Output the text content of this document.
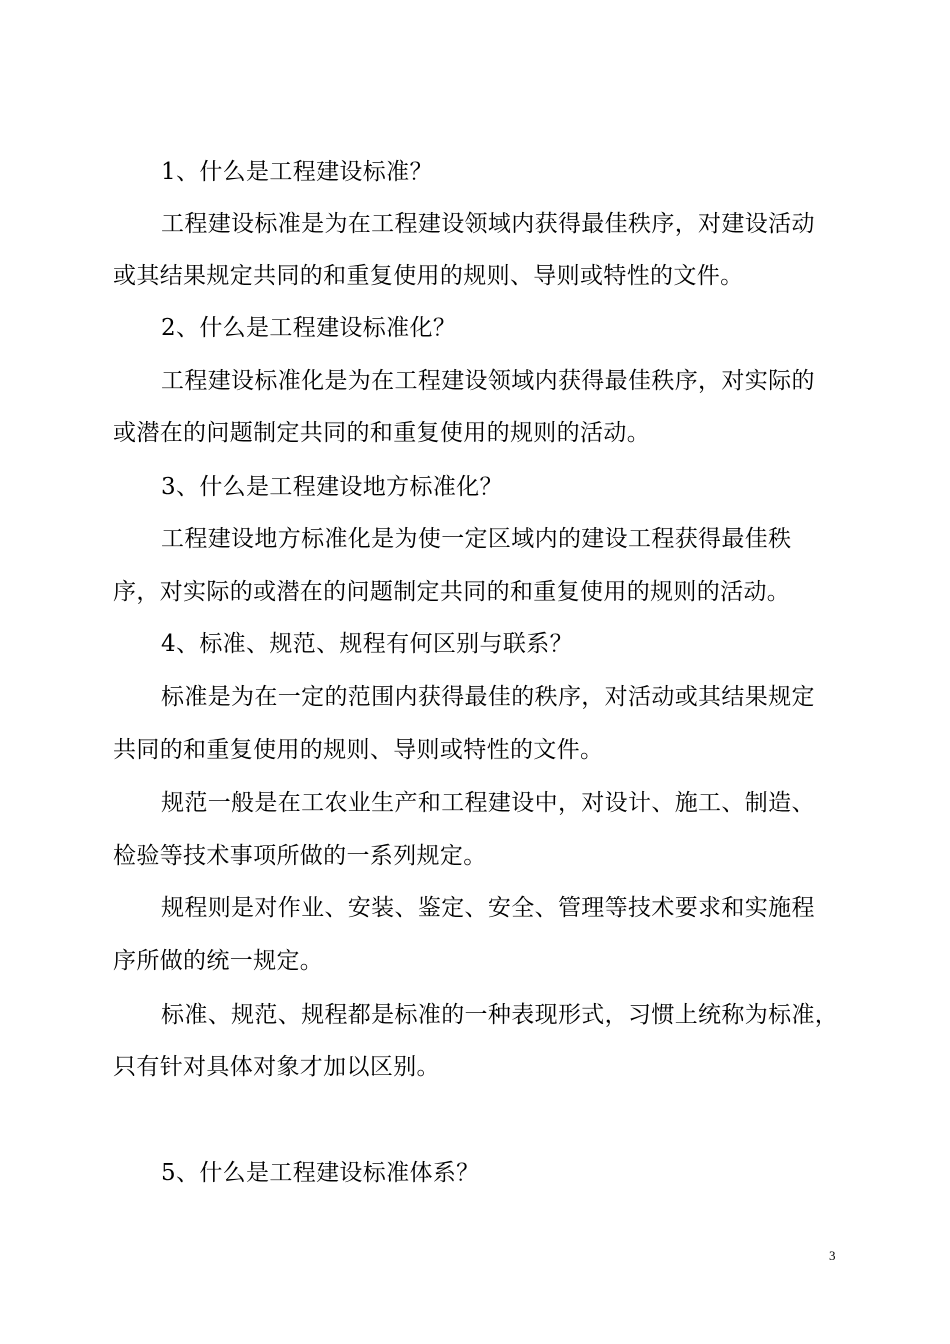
1、什么是工程建设标准？
工程建设标准是为在工程建设领域内获得最佳秩序，对建设活动
或其结果规定共同的和重复使用的规则、导则或特性的文件。
2、什么是工程建设标准化？
工程建设标准化是为在工程建设领域内获得最佳秩序，对实际的
或潜在的问题制定共同的和重复使用的规则的活动。
3、什么是工程建设地方标准化？
工程建设地方标准化是为使一定区域内的建设工程获得最佳秩
序，对实际的或潜在的问题制定共同的和重复使用的规则的活动。
4、标准、规范、规程有何区别与联系？
标准是为在一定的范围内获得最佳的秩序，对活动或其结果规定
共同的和重复使用的规则、导则或特性的文件。
规范一般是在工农业生产和工程建设中，对设计、施工、制造、
检验等技术事项所做的一系列规定。
规程则是对作业、安装、鉴定、安全、管理等技术要求和实施程
序所做的统一规定。
标准、规范、规程都是标准的一种表现形式，习惯上统称为标准，
只有针对具体对象才加以区别。
5、什么是工程建设标准体系？
3
